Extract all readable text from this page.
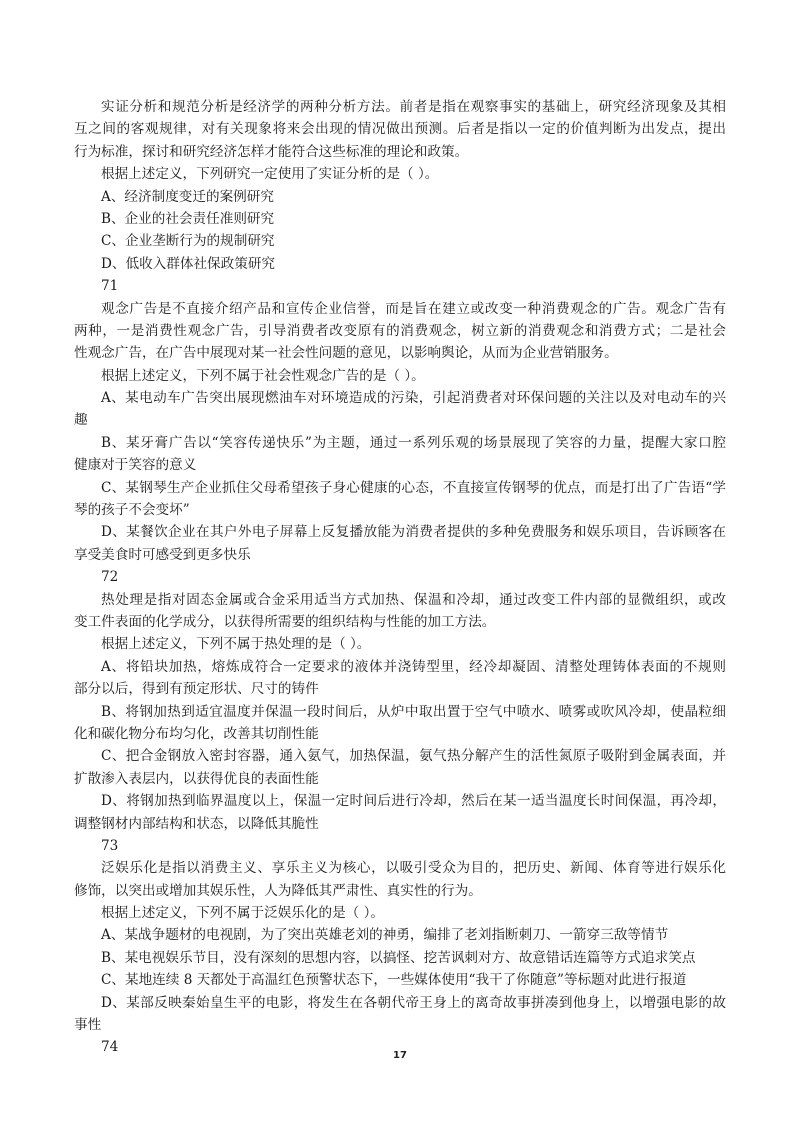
实证分析和规范分析是经济学的两种分析方法。前者是指在观察事实的基础上，研究经济现象及其相
互之间的客观规律，对有关现象将来会出现的情况做出预测。后者是指以一定的价值判断为出发点，提出
行为标准，探讨和研究经济怎样才能符合这些标准的理论和政策。
根据上述定义，下列研究一定使用了实证分析的是（ ）。
A、经济制度变迁的案例研究
B、企业的社会责任准则研究
C、企业垄断行为的规制研究
D、低收入群体社保政策研究
71
观念广告是不直接介绍产品和宣传企业信誉，而是旨在建立或改变一种消费观念的广告。观念广告有
两种，一是消费性观念广告，引导消费者改变原有的消费观念，树立新的消费观念和消费方式；二是社会
性观念广告，在广告中展现对某一社会性问题的意见，以影响舆论，从而为企业营销服务。
根据上述定义，下列不属于社会性观念广告的是（ ）。
A、某电动车广告突出展现燃油车对环境造成的污染，引起消费者对环保问题的关注以及对电动车的兴
趣
B、某牙膏广告以“笑容传递快乐”为主题，通过一系列乐观的场景展现了笑容的力量，提醒大家口腔
健康对于笑容的意义
C、某钢琴生产企业抓住父母希望孩子身心健康的心态，不直接宣传钢琴的优点，而是打出了广告语“学
琴的孩子不会变坏”
D、某餐饮企业在其户外电子屏幕上反复播放能为消费者提供的多种免费服务和娱乐项目，告诉顾客在
享受美食时可感受到更多快乐
72
热处理是指对固态金属或合金采用适当方式加热、保温和冷却，通过改变工件内部的显微组织，或改
变工件表面的化学成分，以获得所需要的组织结构与性能的加工方法。
根据上述定义，下列不属于热处理的是（ ）。
A、将铅块加热，熔炼成符合一定要求的液体并浇铸型里，经冷却凝固、清整处理铸体表面的不规则
部分以后，得到有预定形状、尺寸的铸件
B、将钢加热到适宜温度并保温一段时间后，从炉中取出置于空气中喷水、喷雾或吹风冷却，使晶粒细
化和碳化物分布均匀化，改善其切削性能
C、把合金钢放入密封容器，通入氨气，加热保温，氨气热分解产生的活性氮原子吸附到金属表面，并
扩散渗入表层内，以获得优良的表面性能
D、将钢加热到临界温度以上，保温一定时间后进行冷却，然后在某一适当温度长时间保温，再冷却，
调整钢材内部结构和状态，以降低其脆性
73
泛娱乐化是指以消费主义、享乐主义为核心，以吸引受众为目的，把历史、新闻、体育等进行娱乐化
修饰，以突出或增加其娱乐性，人为降低其严肃性、真实性的行为。
根据上述定义，下列不属于泛娱乐化的是（ ）。
A、某战争题材的电视剧，为了突出英雄老刘的神勇，编排了老刘指断刺刀、一箭穿三敌等情节
B、某电视娱乐节目，没有深刻的思想内容，以搞怪、挖苦讽刺对方、故意错话连篇等方式追求笑点
C、某地连续 8 天都处于高温红色预警状态下，一些媒体使用“我干了你随意”等标题对此进行报道
D、某部反映秦始皇生平的电影，将发生在各朝代帝王身上的离奇故事拼凑到他身上，以增强电影的故
事性
74
17
